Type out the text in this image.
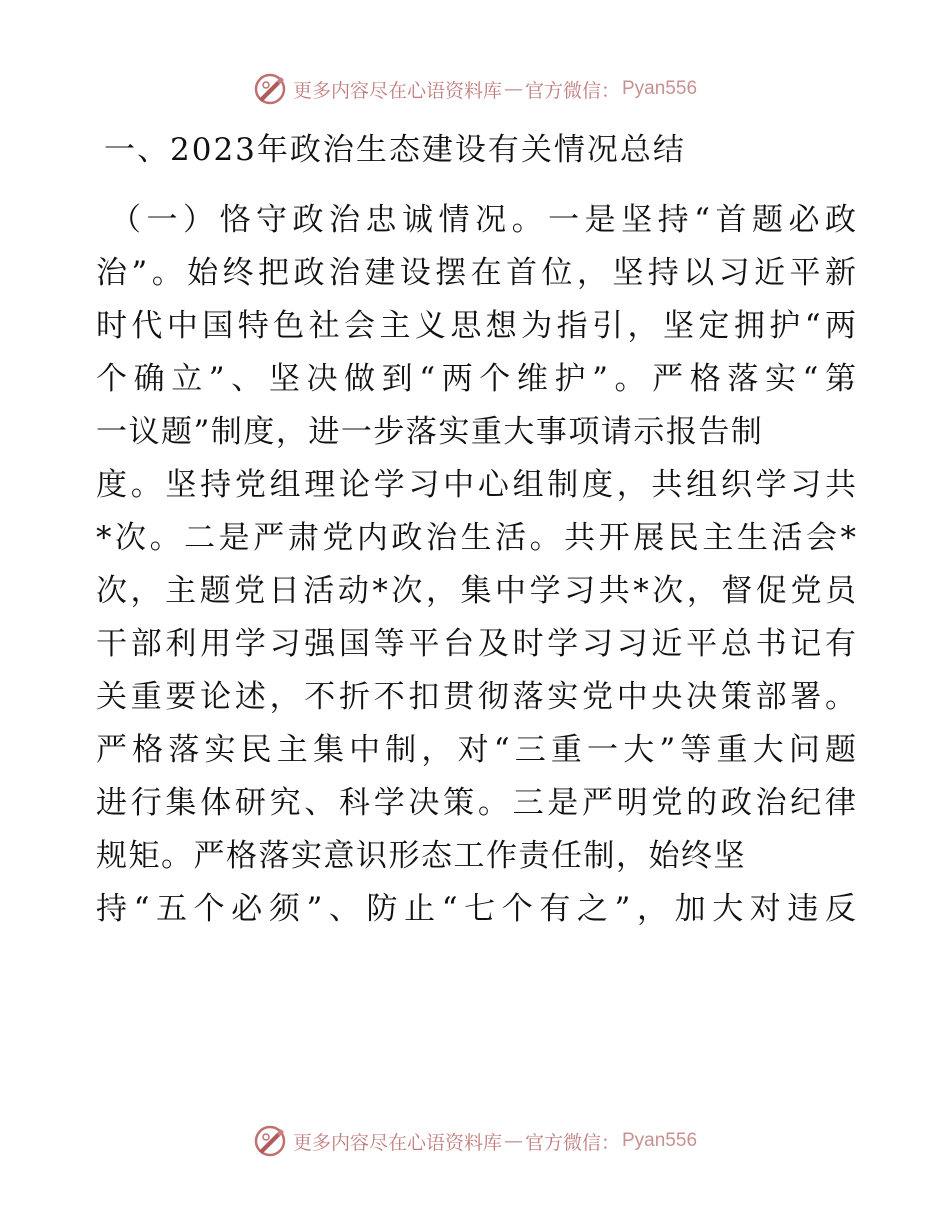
更多内容尽在心语资料库 — 官方微信： Pyan556
一、2023年政治生态建设有关情况总结
（一）恪守政治忠诚情况。一是坚持“首题必政
治”。始终把政治建设摆在首位，坚持以习近平新
时代中国特色社会主义思想为指引，坚定拥护“两
个确立”、坚决做到“两个维护”。严格落实“第
一议题”制度，进一步落实重大事项请示报告制
度。坚持党组理论学习中心组制度，共组织学习共
*次。二是严肃党内政治生活。共开展民主生活会*
次，主题党日活动*次，集中学习共*次，督促党员
干部利用学习强国等平台及时学习习近平总书记有
关重要论述，不折不扣贯彻落实党中央决策部署。
严格落实民主集中制，对“三重一大”等重大问题
进行集体研究、科学决策。三是严明党的政治纪律
规矩。严格落实意识形态工作责任制，始终坚
持“五个必须”、防止“七个有之”，加大对违反
更多内容尽在心语资料库 — 官方微信： Pyan556
